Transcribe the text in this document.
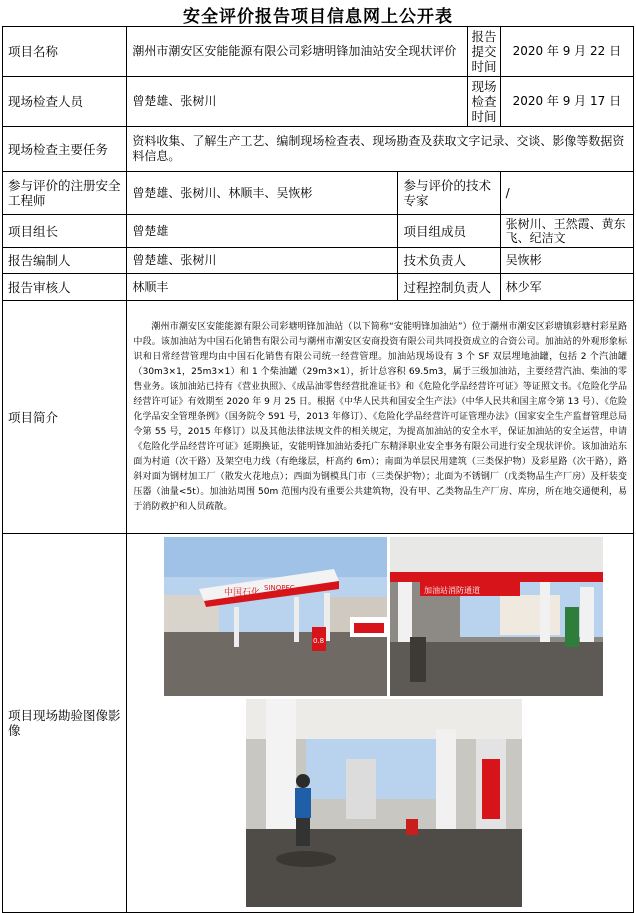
安全评价报告项目信息网上公开表
项目名称	潮州市潮安区安能能源有限公司彩塘明锋加油站安全现状评价		报告提交时间	2020 年 9 月 22 日
现场检查人员	曾楚雄、张树川		现场检查时间	2020 年 9 月 17 日
现场检查主要任务	资料收集、了解生产工艺、编制现场检查表、现场勘查及获取文字记录、交谈、影像等数据资料信息。			
参与评价的注册安全工程师	曾楚雄、张树川、林顺丰、吴恢彬	参与评价的技术专家		/
项目组长	曾楚雄	项目组成员		张树川、王然霞、黄东飞、纪洁文
报告编制人	曾楚雄、张树川	技术负责人		吴恢彬
报告审核人	林顺丰	过程控制负责人		林少军
项目简介	潮州市潮安区安能能源有限公司彩塘明锋加油站（以下简称“安能明锋加油站”）位于潮州市潮安区彩塘镇彩塘村彩星路中段。该加油站为中国石化销售有限公司与潮州市潮安区安商投资有限公司共同投资成立的合资公司。加油站的外观形象标识和日常经营管理均由中国石化销售有限公司统一经营管理。加油站现场设有 3 个 SF 双层埋地油罐，包括 2 个汽油罐（30m3×1，25m3×1）和 1 个柴油罐（29m3×1），折计总容积 69.5m3，属于三级加油站，主要经营汽油、柴油的零售业务。该加油站已持有《营业执照》、《成品油零售经营批准证书》和《危险化学品经营许可证》等证照文书。《危险化学品经营许可证》有效期至 2020 年 9 月 25 日。根据《中华人民共和国安全生产法》（中华人民共和国主席令第 13 号）、《危险化学品安全管理条例》（国务院令 591 号，2013 年修订）、《危险化学品经营许可证管理办法》（国家安全生产监督管理总局令第 55 号，2015 年修订）以及其他法律法规文件的相关规定，为提高加油站的安全水平，保证加油站的安全运营，申请《危险化学品经营许可证》延期换证，安能明锋加油站委托广东精泽职业安全事务有限公司进行安全现状评价。该加油站东面为村道（次干路）及架空电力线（有绝缘层，杆高约 6m）；南面为单层民用建筑（三类保护物）及彩星路（次干路），路斜对面为钢材加工厂（散发火花地点）；西面为钢模具门市（三类保护物）；北面为不锈钢厂（戊类物品生产厂房）及杆装变压器（油量<5t）。加油站周围 50m 范围内没有重要公共建筑物，没有甲、乙类物品生产厂房、库房，所在地交通便利，易于消防救护和人员疏散。			
项目现场勘验图像影像	中国石化 SINOPEC
0.8
加油站消防通道			
